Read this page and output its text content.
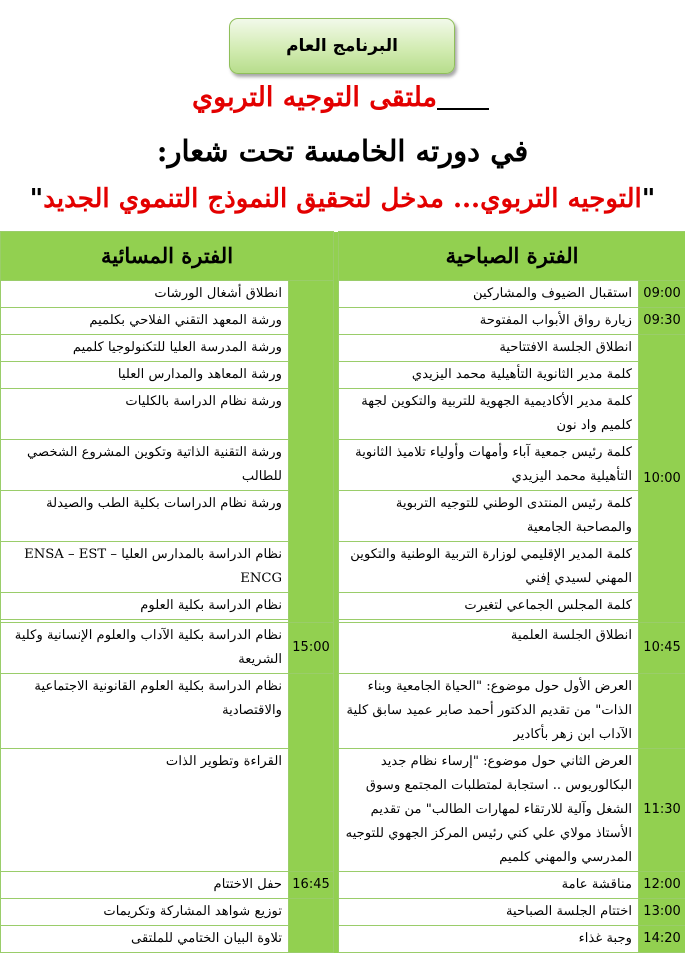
البرنامج العام
ملتقى التوجيه التربوي
في دورته الخامسة تحت شعار:
"التوجيه التربوي... مدخل لتحقيق النموذج التنموي الجديد"
الفترة الصباحية			الفترة المسائية	
09:00	استقبال الضيوف والمشاركين			انطلاق أشغال الورشات
09:30	زيارة رواق الأبواب المفتوحة			ورشة المعهد التقني الفلاحي بكلميم
10:00	انطلاق الجلسة الافتتاحية			ورشة المدرسة العليا للتكنولوجيا كلميم
	كلمة مدير الثانوية التأهيلية محمد اليزيدي			ورشة المعاهد والمدارس العليا
	كلمة مدير الأكاديمية الجهوية للتربية والتكوين لجهة كلميم واد نون			ورشة نظام الدراسة بالكليات
	كلمة رئيس جمعية آباء وأمهات وأولياء تلاميذ الثانوية التأهيلية محمد اليزيدي			ورشة التقنية الذاتية وتكوين المشروع الشخصي للطالب
	كلمة رئيس المنتدى الوطني للتوجيه التربوية والمصاحبة الجامعية			ورشة نظام الدراسات بكلية الطب والصيدلة
	كلمة المدير الإقليمي لوزارة التربية الوطنية والتكوين المهني لسيدي إفني			نظام الدراسة بالمدارس العليا ENSA – EST – ENCG
	كلمة المجلس الجماعي لتغيرت			نظام الدراسة بكلية العلوم

10:45	انطلاق الجلسة العلمية		15:00	نظام الدراسة بكلية الآداب والعلوم الإنسانية وكلية الشريعة
	العرض الأول حول موضوع: "الحياة الجامعية وبناء الذات" من تقديم الدكتور أحمد صابر عميد سابق كلية الآداب ابن زهر بأكادير			نظام الدراسة بكلية العلوم القانونية الاجتماعية والاقتصادية
11:30	العرض الثاني حول موضوع: "إرساء نظام جديد البكالوريوس .. استجابة لمتطلبات المجتمع وسوق الشغل وآلية للارتقاء لمهارات الطالب" من تقديم الأستاذ مولاي علي كني رئيس المركز الجهوي للتوجيه المدرسي والمهني كلميم			القراءة وتطوير الذات
12:00	مناقشة عامة		16:45	حفل الاختتام
13:00	اختتام الجلسة الصباحية			توزيع شواهد المشاركة وتكريمات
14:20	وجبة غذاء			تلاوة البيان الختامي للملتقى
